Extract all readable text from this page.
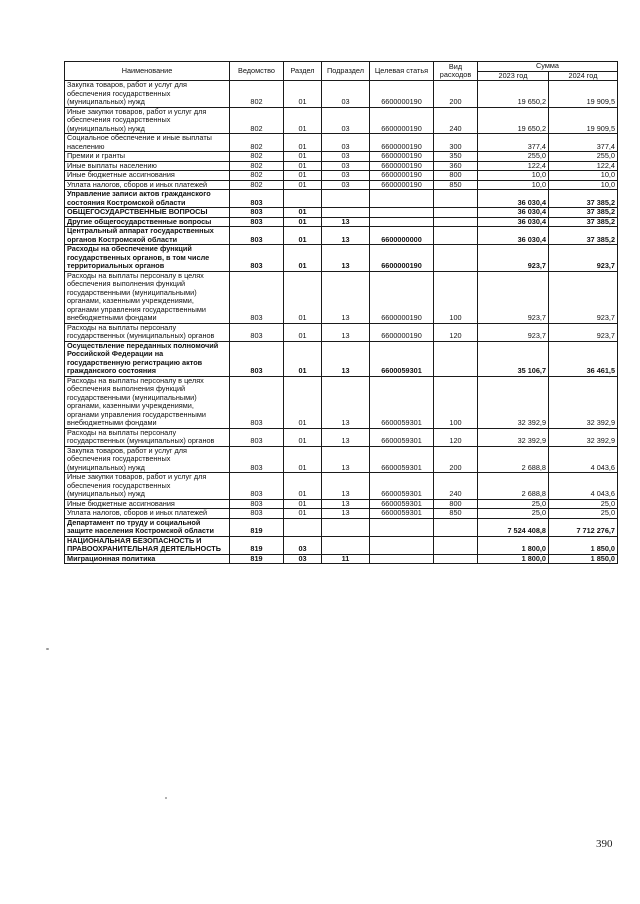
Наименование	Ведомство	Раздел	Подраздел	Целевая статья	Вид расходов	Сумма	
						2023 год	2024 год
Закупка товаров, работ и услуг для обеспечения государственных (муниципальных) нужд	802	01	03	6600000190	200	19 650,2	19 909,5
Иные закупки товаров, работ и услуг для обеспечения государственных (муниципальных) нужд	802	01	03	6600000190	240	19 650,2	19 909,5
Социальное обеспечение и иные выплаты населению	802	01	03	6600000190	300	377,4	377,4
Премии и гранты	802	01	03	6600000190	350	255,0	255,0
Иные выплаты населению	802	01	03	6600000190	360	122,4	122,4
Иные бюджетные ассигнования	802	01	03	6600000190	800	10,0	10,0
Уплата налогов, сборов и иных платежей	802	01	03	6600000190	850	10,0	10,0
Управление записи актов гражданского состояния Костромской области	803					36 030,4	37 385,2
ОБЩЕГОСУДАРСТВЕННЫЕ ВОПРОСЫ	803	01				36 030,4	37 385,2
Другие общегосударственные вопросы	803	01	13			36 030,4	37 385,2
Центральный аппарат государственных органов Костромской области	803	01	13	6600000000		36 030,4	37 385,2
Расходы на обеспечение функций государственных органов, в том числе территориальных органов	803	01	13	6600000190		923,7	923,7
Расходы на выплаты персоналу в целях обеспечения выполнения функций государственными (муниципальными) органами, казенными учреждениями, органами управления государственными внебюджетными фондами	803	01	13	6600000190	100	923,7	923,7
Расходы на выплаты персоналу государственных (муниципальных) органов	803	01	13	6600000190	120	923,7	923,7
Осуществление переданных полномочий Российской Федерации на государственную регистрацию актов гражданского состояния	803	01	13	6600059301		35 106,7	36 461,5
Расходы на выплаты персоналу в целях обеспечения выполнения функций государственными (муниципальными) органами, казенными учреждениями, органами управления государственными внебюджетными фондами	803	01	13	6600059301	100	32 392,9	32 392,9
Расходы на выплаты персоналу государственных (муниципальных) органов	803	01	13	6600059301	120	32 392,9	32 392,9
Закупка товаров, работ и услуг для обеспечения государственных (муниципальных) нужд	803	01	13	6600059301	200	2 688,8	4 043,6
Иные закупки товаров, работ и услуг для обеспечения государственных (муниципальных) нужд	803	01	13	6600059301	240	2 688,8	4 043,6
Иные бюджетные ассигнования	803	01	13	6600059301	800	25,0	25,0
Уплата налогов, сборов и иных платежей	803	01	13	6600059301	850	25,0	25,0
Департамент по труду и социальной защите населения Костромской области	819					7 524 408,8	7 712 276,7
НАЦИОНАЛЬНАЯ БЕЗОПАСНОСТЬ И ПРАВООХРАНИТЕЛЬНАЯ ДЕЯТЕЛЬНОСТЬ	819	03				1 800,0	1 850,0
Миграционная политика	819	03	11			1 800,0	1 850,0
390
